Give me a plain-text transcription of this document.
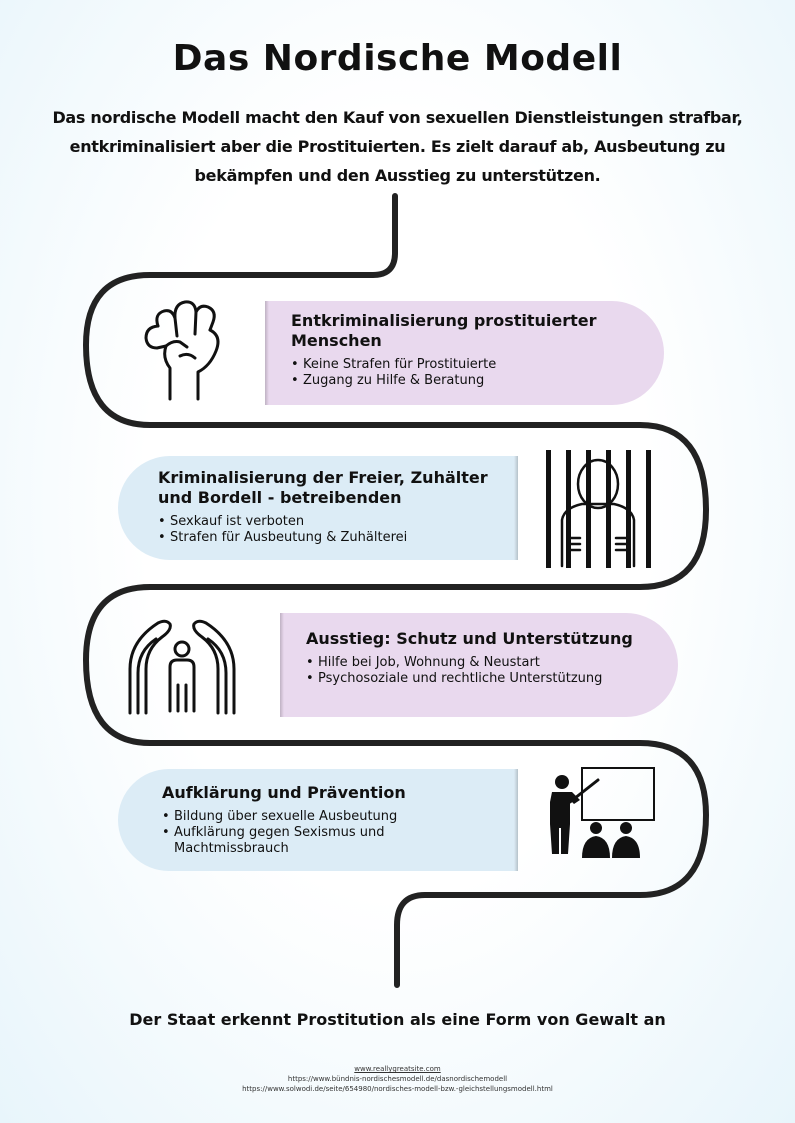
Das Nordische Modell
Das nordische Modell macht den Kauf von sexuellen Dienstleistungen strafbar, entkriminalisiert aber die Prostituierten. Es zielt darauf ab, Ausbeutung zu bekämpfen und den Ausstieg zu unterstützen.
Entkriminalisierung prostituierter Menschen
• Keine Strafen für Prostituierte
• Zugang zu Hilfe & Beratung
Kriminalisierung der Freier, Zuhälter und Bordell - betreibenden
• Sexkauf ist verboten
• Strafen für Ausbeutung & Zuhälterei
Ausstieg: Schutz und Unterstützung
• Hilfe bei Job, Wohnung & Neustart
• Psychosoziale und rechtliche Unterstützung
Aufklärung und Prävention
• Bildung über sexuelle Ausbeutung
• Aufklärung gegen Sexismus und Machtmissbrauch
Der Staat erkennt Prostitution als eine Form von Gewalt an
www.reallygreatsite.com
https://www.bündnis-nordischesmodell.de/dasnordischemodell
https://www.solwodi.de/seite/654980/nordisches-modell-bzw.-gleichstellungsmodell.html
